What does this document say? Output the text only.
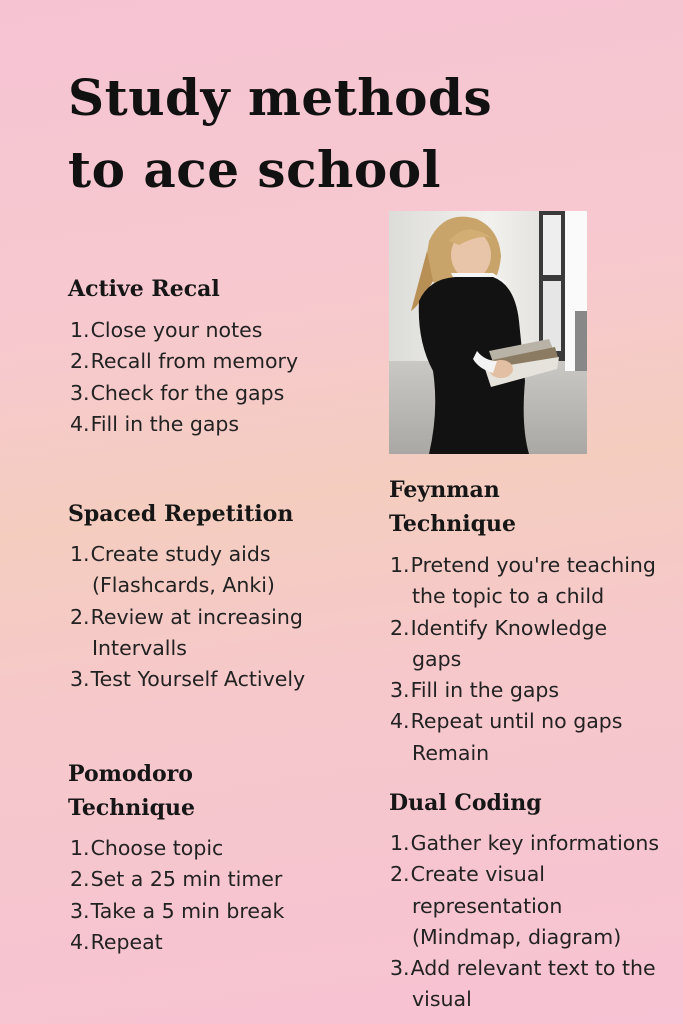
Study methods
to ace school
Active Recal
1.Close your notes
2.Recall from memory
3.Check for the gaps
4.Fill in the gaps
Spaced Repetition
1.Create study aids
(Flashcards, Anki)
2.Review at increasing
Intervalls
3.Test Yourself Actively
Pomodoro
Technique
1.Choose topic
2.Set a 25 min timer
3.Take a 5 min break
4.Repeat
Feynman
Technique
1.Pretend you're teaching
the topic to a child
2.Identify Knowledge
gaps
3.Fill in the gaps
4.Repeat until no gaps
Remain
Dual Coding
1.Gather key informations
2.Create visual
representation
(Mindmap, diagram)
3.Add relevant text to the
visual
